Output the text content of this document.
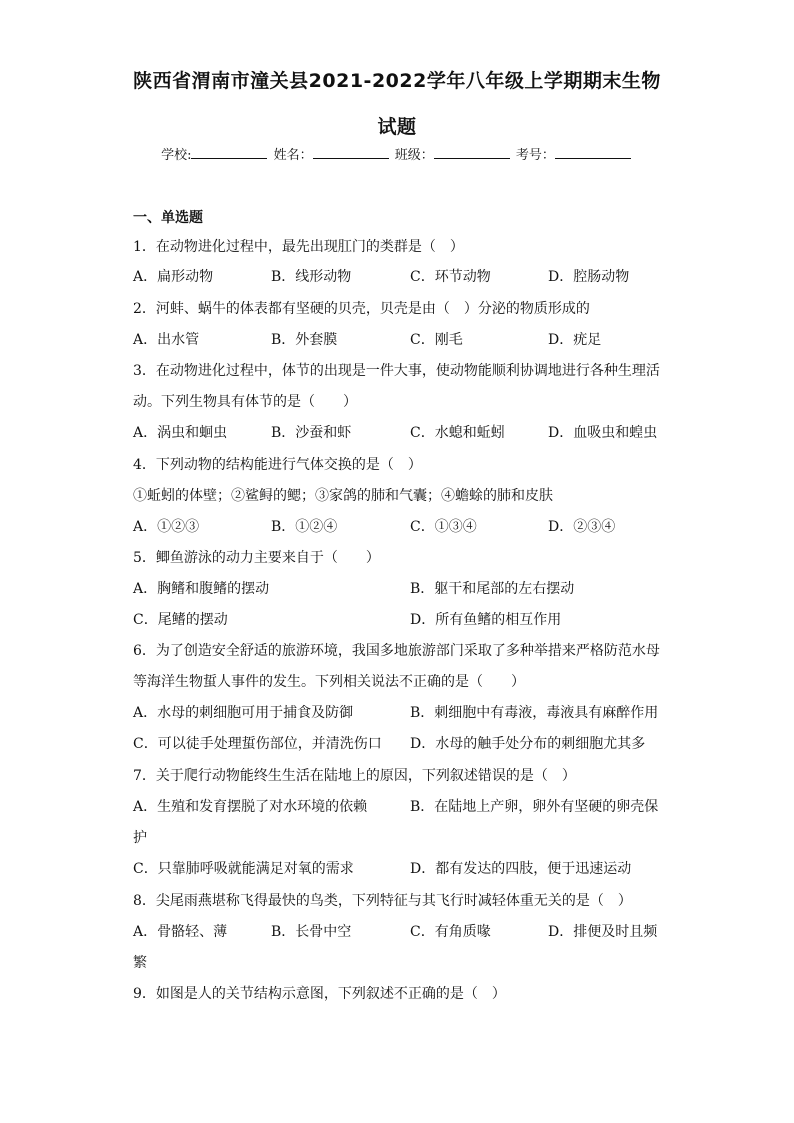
陕西省渭南市潼关县2021-2022学年八年级上学期期末生物
试题
学校:	姓名：	班级：	考号：
一、单选题
1．在动物进化过程中，最先出现肛门的类群是（　）
A．扁形动物	B．线形动物	C．环节动物	D．腔肠动物
2．河蚌、蜗牛的体表都有坚硬的贝壳，贝壳是由（　）分泌的物质形成的
A．出水管	B．外套膜	C．刚毛	D．疣足
3．在动物进化过程中，体节的出现是一件大事，使动物能顺利协调地进行各种生理活
动。下列生物具有体节的是（　　）
A．涡虫和蛔虫	B．沙蚕和虾	C．水螅和蚯蚓	D．血吸虫和蝗虫
4．下列动物的结构能进行气体交换的是（　）
①蚯蚓的体壁；②鲨鲟的鳃；③家鸽的肺和气囊；④蟾蜍的肺和皮肤
A．①②③	B．①②④	C．①③④	D．②③④
5．鲫鱼游泳的动力主要来自于（　　）
A．胸鳍和腹鳍的摆动	B．躯干和尾部的左右摆动
C．尾鳍的摆动	D．所有鱼鳍的相互作用
6．为了创造安全舒适的旅游环境，我国多地旅游部门采取了多种举措来严格防范水母
等海洋生物蜇人事件的发生。下列相关说法不正确的是（　　）
A．水母的刺细胞可用于捕食及防御	B．刺细胞中有毒液，毒液具有麻醉作用
C．可以徒手处理蜇伤部位，并清洗伤口 D．水母的触手处分布的刺细胞尤其多
7．关于爬行动物能终生生活在陆地上的原因，下列叙述错误的是（　）
A．生殖和发育摆脱了对水环境的依赖	B．在陆地上产卵，卵外有坚硬的卵壳保
护
C．只靠肺呼吸就能满足对氧的需求	D．都有发达的四肢，便于迅速运动
8．尖尾雨燕堪称飞得最快的鸟类，下列特征与其飞行时减轻体重无关的是（　）
A．骨骼轻、薄	B．长骨中空	C．有角质喙	D．排便及时且频
繁
9．如图是人的关节结构示意图，下列叙述不正确的是（　）
